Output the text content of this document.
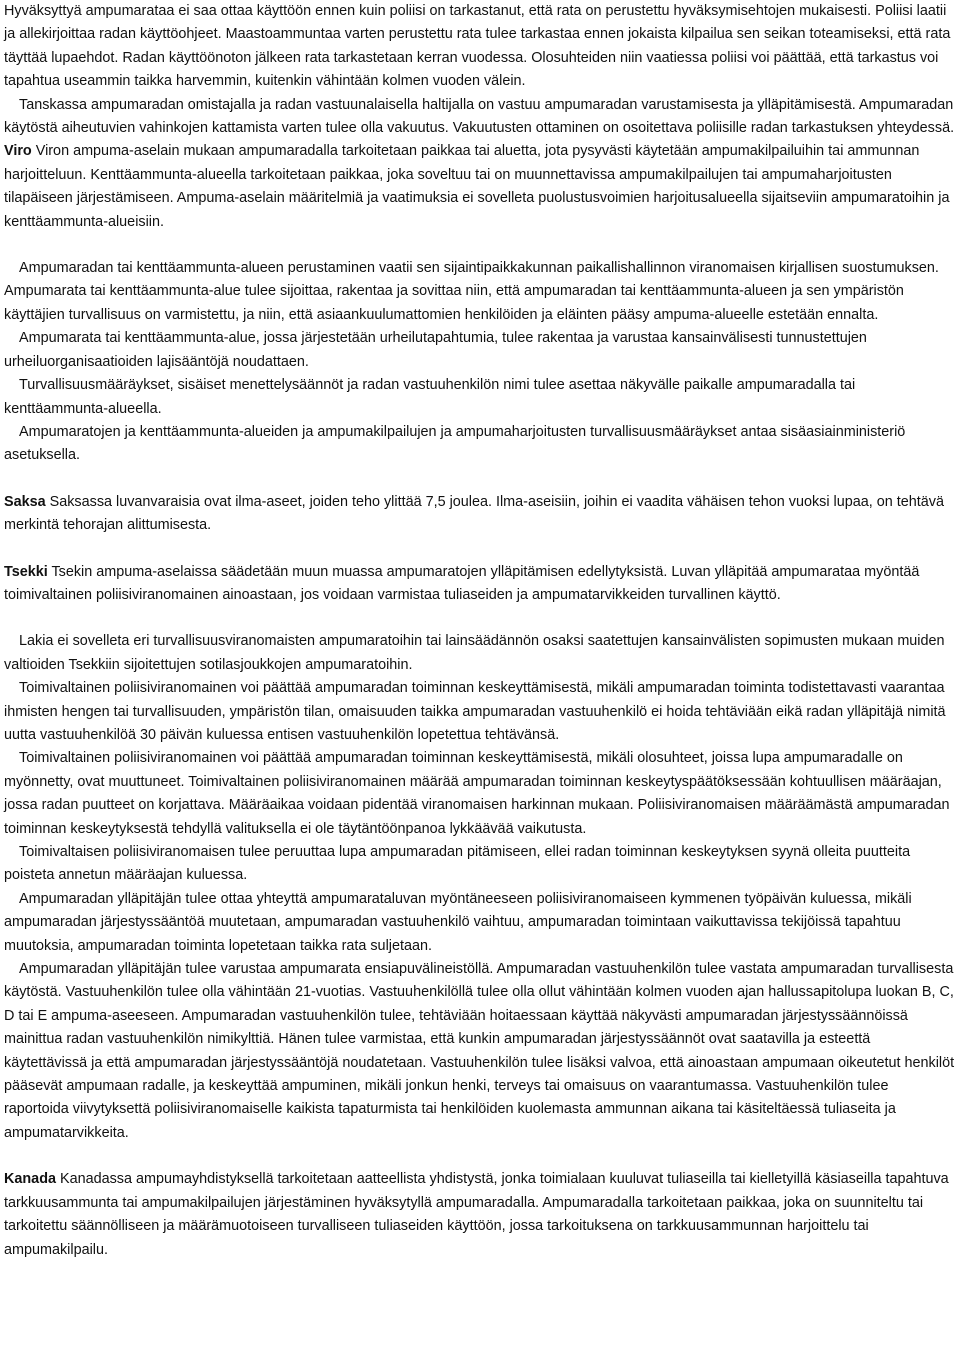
Hyväksyttyä ampumarataa ei saa ottaa käyttöön ennen kuin poliisi on tarkastanut, että rata on perustettu hyväksymisehtojen mukaisesti. Poliisi laatii ja allekirjoittaa radan käyttöohjeet. Maastoammuntaa varten perustettu rata tulee tarkastaa ennen jokaista kilpailua sen seikan toteamiseksi, että rata täyttää lupaehdot. Radan käyttöönoton jälkeen rata tarkastetaan kerran vuodessa. Olosuhteiden niin vaatiessa poliisi voi päättää, että tarkastus voi tapahtua useammin taikka harvemmin, kuitenkin vähintään kolmen vuoden välein.

Tanskassa ampumaradan omistajalla ja radan vastuunalaisella haltijalla on vastuu ampumaradan varustamisesta ja ylläpitämisestä. Ampumaradan käytöstä aiheutuvien vahinkojen kattamista varten tulee olla vakuutus. Vakuutusten ottaminen on osoitettava poliisille radan tarkastuksen yhteydessä.

Viro Viron ampuma-aselain mukaan ampumaradalla tarkoitetaan paikkaa tai aluetta, jota pysyvästi käytetään ampumakilpailuihin tai ammunnan harjoitteluun. Kenttäammunta-alueella tarkoitetaan paikkaa, joka soveltuu tai on muunnettavissa ampumakilpailujen tai ampumaharjoitusten tilapäiseen järjestämiseen. Ampuma-aselain määritelmiä ja vaatimuksia ei sovelleta puolustusvoimien harjoitusalueella sijaitseviin ampumaratoihin ja kenttäammunta-alueisiin.

Ampumaradan tai kenttäammunta-alueen perustaminen vaatii sen sijaintipaikkakunnan paikallishallinnon viranomaisen kirjallisen suostumuksen. Ampumarata tai kenttäammunta-alue tulee sijoittaa, rakentaa ja sovittaa niin, että ampumaradan tai kenttäammunta-alueen ja sen ympäristön käyttäjien turvallisuus on varmistettu, ja niin, että asiaankuulumattomien henkilöiden ja eläinten pääsy ampuma-alueelle estetään ennalta.

Ampumarata tai kenttäammunta-alue, jossa järjestetään urheilutapahtumia, tulee rakentaa ja varustaa kansainvälisesti tunnustettujen urheiluorganisaatioiden lajisääntöjä noudattaen.

Turvallisuusmääräykset, sisäiset menettelysäännöt ja radan vastuuhenkilön nimi tulee asettaa näkyvälle paikalle ampumaradalla tai kenttäammunta-alueella.

Ampumaratojen ja kenttäammunta-alueiden ja ampumakilpailujen ja ampumaharjoitusten turvallisuusmääräykset antaa sisäasiainministeriö asetuksella.

Saksa Saksassa luvanvaraisia ovat ilma-aseet, joiden teho ylittää 7,5 joulea. Ilma-aseisiin, joihin ei vaadita vähäisen tehon vuoksi lupaa, on tehtävä merkintä tehorajan alittumisesta.

Tsekki Tsekin ampuma-aselaissa säädetään muun muassa ampumaratojen ylläpitämisen edellytyksistä. Luvan ylläpitää ampumarataa myöntää toimivaltainen poliisiviranomainen ainoastaan, jos voidaan varmistaa tuliaseiden ja ampumatarvikkeiden turvallinen käyttö.

Lakia ei sovelleta eri turvallisuusviranomaisten ampumaratoihin tai lainsäädännön osaksi saatettujen kansainvälisten sopimusten mukaan muiden valtioiden Tsekkiin sijoitettujen sotilasjoukkojen ampumaratoihin.

Toimivaltainen poliisiviranomainen voi päättää ampumaradan toiminnan keskeyttämisestä, mikäli ampumaradan toiminta todistettavasti vaarantaa ihmisten hengen tai turvallisuuden, ympäristön tilan, omaisuuden taikka ampumaradan vastuuhenkilö ei hoida tehtäviään eikä radan ylläpitäjä nimitä uutta vastuuhenkilöä 30 päivän kuluessa entisen vastuuhenkilön lopetettua tehtävänsä.

Toimivaltainen poliisiviranomainen voi päättää ampumaradan toiminnan keskeyttämisestä, mikäli olosuhteet, joissa lupa ampumaradalle on myönnetty, ovat muuttuneet. Toimivaltainen poliisiviranomainen määrää ampumaradan toiminnan keskeytyspäätöksessään kohtuullisen määräajan, jossa radan puutteet on korjattava. Määräaikaa voidaan pidentää viranomaisen harkinnan mukaan. Poliisiviranomaisen määräämästä ampumaradan toiminnan keskeytyksestä tehdyllä valituksella ei ole täytäntöönpanoa lykkäävää vaikutusta.

Toimivaltaisen poliisiviranomaisen tulee peruuttaa lupa ampumaradan pitämiseen, ellei radan toiminnan keskeytyksen syynä olleita puutteita poisteta annetun määräajan kuluessa.

Ampumaradan ylläpitäjän tulee ottaa yhteyttä ampumarataluvan myöntäneeseen poliisiviranomaiseen kymmenen työpäivän kuluessa, mikäli ampumaradan järjestyssääntöä muutetaan, ampumaradan vastuuhenkilö vaihtuu, ampumaradan toimintaan vaikuttavissa tekijöissä tapahtuu muutoksia, ampumaradan toiminta lopetetaan taikka rata suljetaan.

Ampumaradan ylläpitäjän tulee varustaa ampumarata ensiapuvälineistöllä. Ampumaradan vastuuhenkilön tulee vastata ampumaradan turvallisesta käytöstä. Vastuuhenkilön tulee olla vähintään 21-vuotias. Vastuuhenkilöllä tulee olla ollut vähintään kolmen vuoden ajan hallussapitolupa luokan B, C, D tai E ampuma-aseeseen. Ampumaradan vastuuhenkilön tulee, tehtäviään hoitaessaan käyttää näkyvästi ampumaradan järjestyssäännöissä mainittua radan vastuuhenkilön nimikylttiä. Hänen tulee varmistaa, että kunkin ampumaradan järjestyssäännöt ovat saatavilla ja esteettä käytettävissä ja että ampumaradan järjestyssääntöjä noudatetaan. Vastuuhenkilön tulee lisäksi valvoa, että ainoastaan ampumaan oikeutetut henkilöt pääsevät ampumaan radalle, ja keskeyttää ampuminen, mikäli jonkun henki, terveys tai omaisuus on vaarantumassa. Vastuuhenkilön tulee raportoida viivytyksettä poliisiviranomaiselle kaikista tapaturmista tai henkilöiden kuolemasta ammunnan aikana tai käsiteltäessä tuliaseita ja ampumatarvikkeita.

Kanada Kanadassa ampumayhdistyksellä tarkoitetaan aatteellista yhdistystä, jonka toimialaan kuuluvat tuliaseilla tai kielletyillä käsiaseilla tapahtuva tarkkuusammunta tai ampumakilpailujen järjestäminen hyväksytyllä ampumaradalla. Ampumaradalla tarkoitetaan paikkaa, joka on suunniteltu tai tarkoitettu säännölliseen ja määrämuotoiseen turvalliseen tuliaseiden käyttöön, jossa tarkoituksena on tarkkuusammunnan harjoittelu tai ampumakilpailu.
